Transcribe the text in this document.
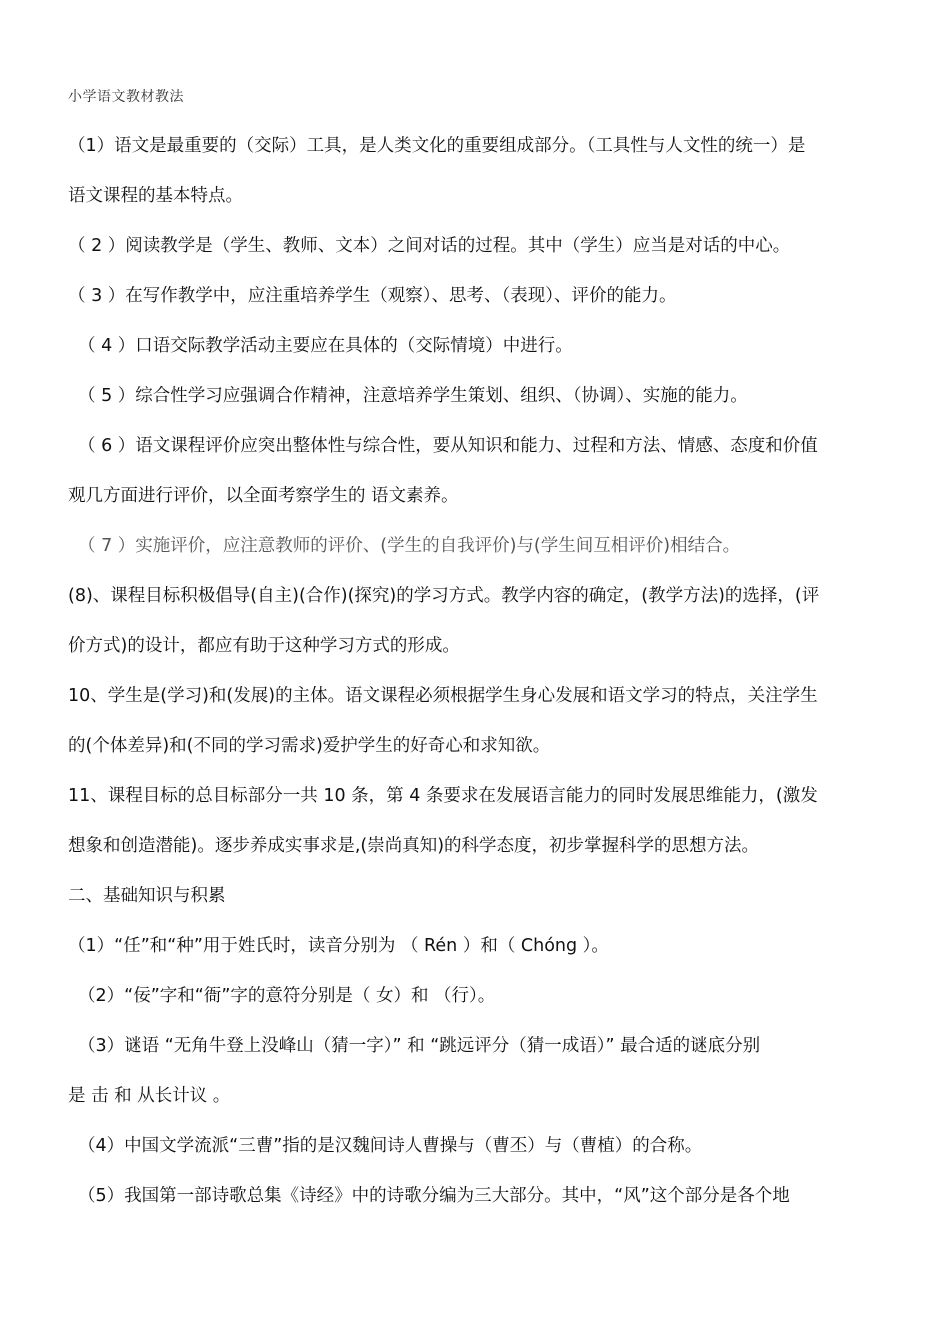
小学语文教材教法

（1）语文是最重要的（交际）工具，是人类文化的重要组成部分。（工具性与人文性的统一）是
语文课程的基本特点。

（ 2 ）阅读教学是（学生、教师、文本）之间对话的过程。其中（学生）应当是对话的中心。

（ 3 ）在写作教学中，应注重培养学生（观察）、思考、（表现）、评价的能力。

（ 4 ）口语交际教学活动主要应在具体的（交际情境）中进行。

（ 5 ）综合性学习应强调合作精神，注意培养学生策划、组织、（协调）、实施的能力。

（ 6 ）语文课程评价应突出整体性与综合性，要从知识和能力、过程和方法、情感、态度和价值
观几方面进行评价，以全面考察学生的 语文素养。

（ 7 ）实施评价，应注意教师的评价、(学生的自我评价)与(学生间互相评价)相结合。

(8)、课程目标积极倡导(自主)(合作)(探究)的学习方式。教学内容的确定，(教学方法)的选择，(评
价方式)的设计，都应有助于这种学习方式的形成。

10、学生是(学习)和(发展)的主体。语文课程必须根据学生身心发展和语文学习的特点，关注学生
的(个体差异)和(不同的学习需求)爱护学生的好奇心和求知欲。

11、课程目标的总目标部分一共 10 条，第 4 条要求在发展语言能力的同时发展思维能力，(激发
想象和创造潜能)。逐步养成实事求是,(崇尚真知)的科学态度，初步掌握科学的思想方法。

二、基础知识与积累

（1）“任”和“种”用于姓氏时，读音分别为 （ Rén ）和（ Chóng ）。

（2）“佞”字和“衙”字的意符分别是（ 女）和 （行）。

（3）谜语 “无角牛登上没峰山（猜一字）” 和 “跳远评分（猜一成语）” 最合适的谜底分别
是 击 和 从长计议 。

（4）中国文学流派“三曹”指的是汉魏间诗人曹操与（曹丕）与（曹植）的合称。

（5）我国第一部诗歌总集《诗经》中的诗歌分编为三大部分。其中，“风”这个部分是各个地
